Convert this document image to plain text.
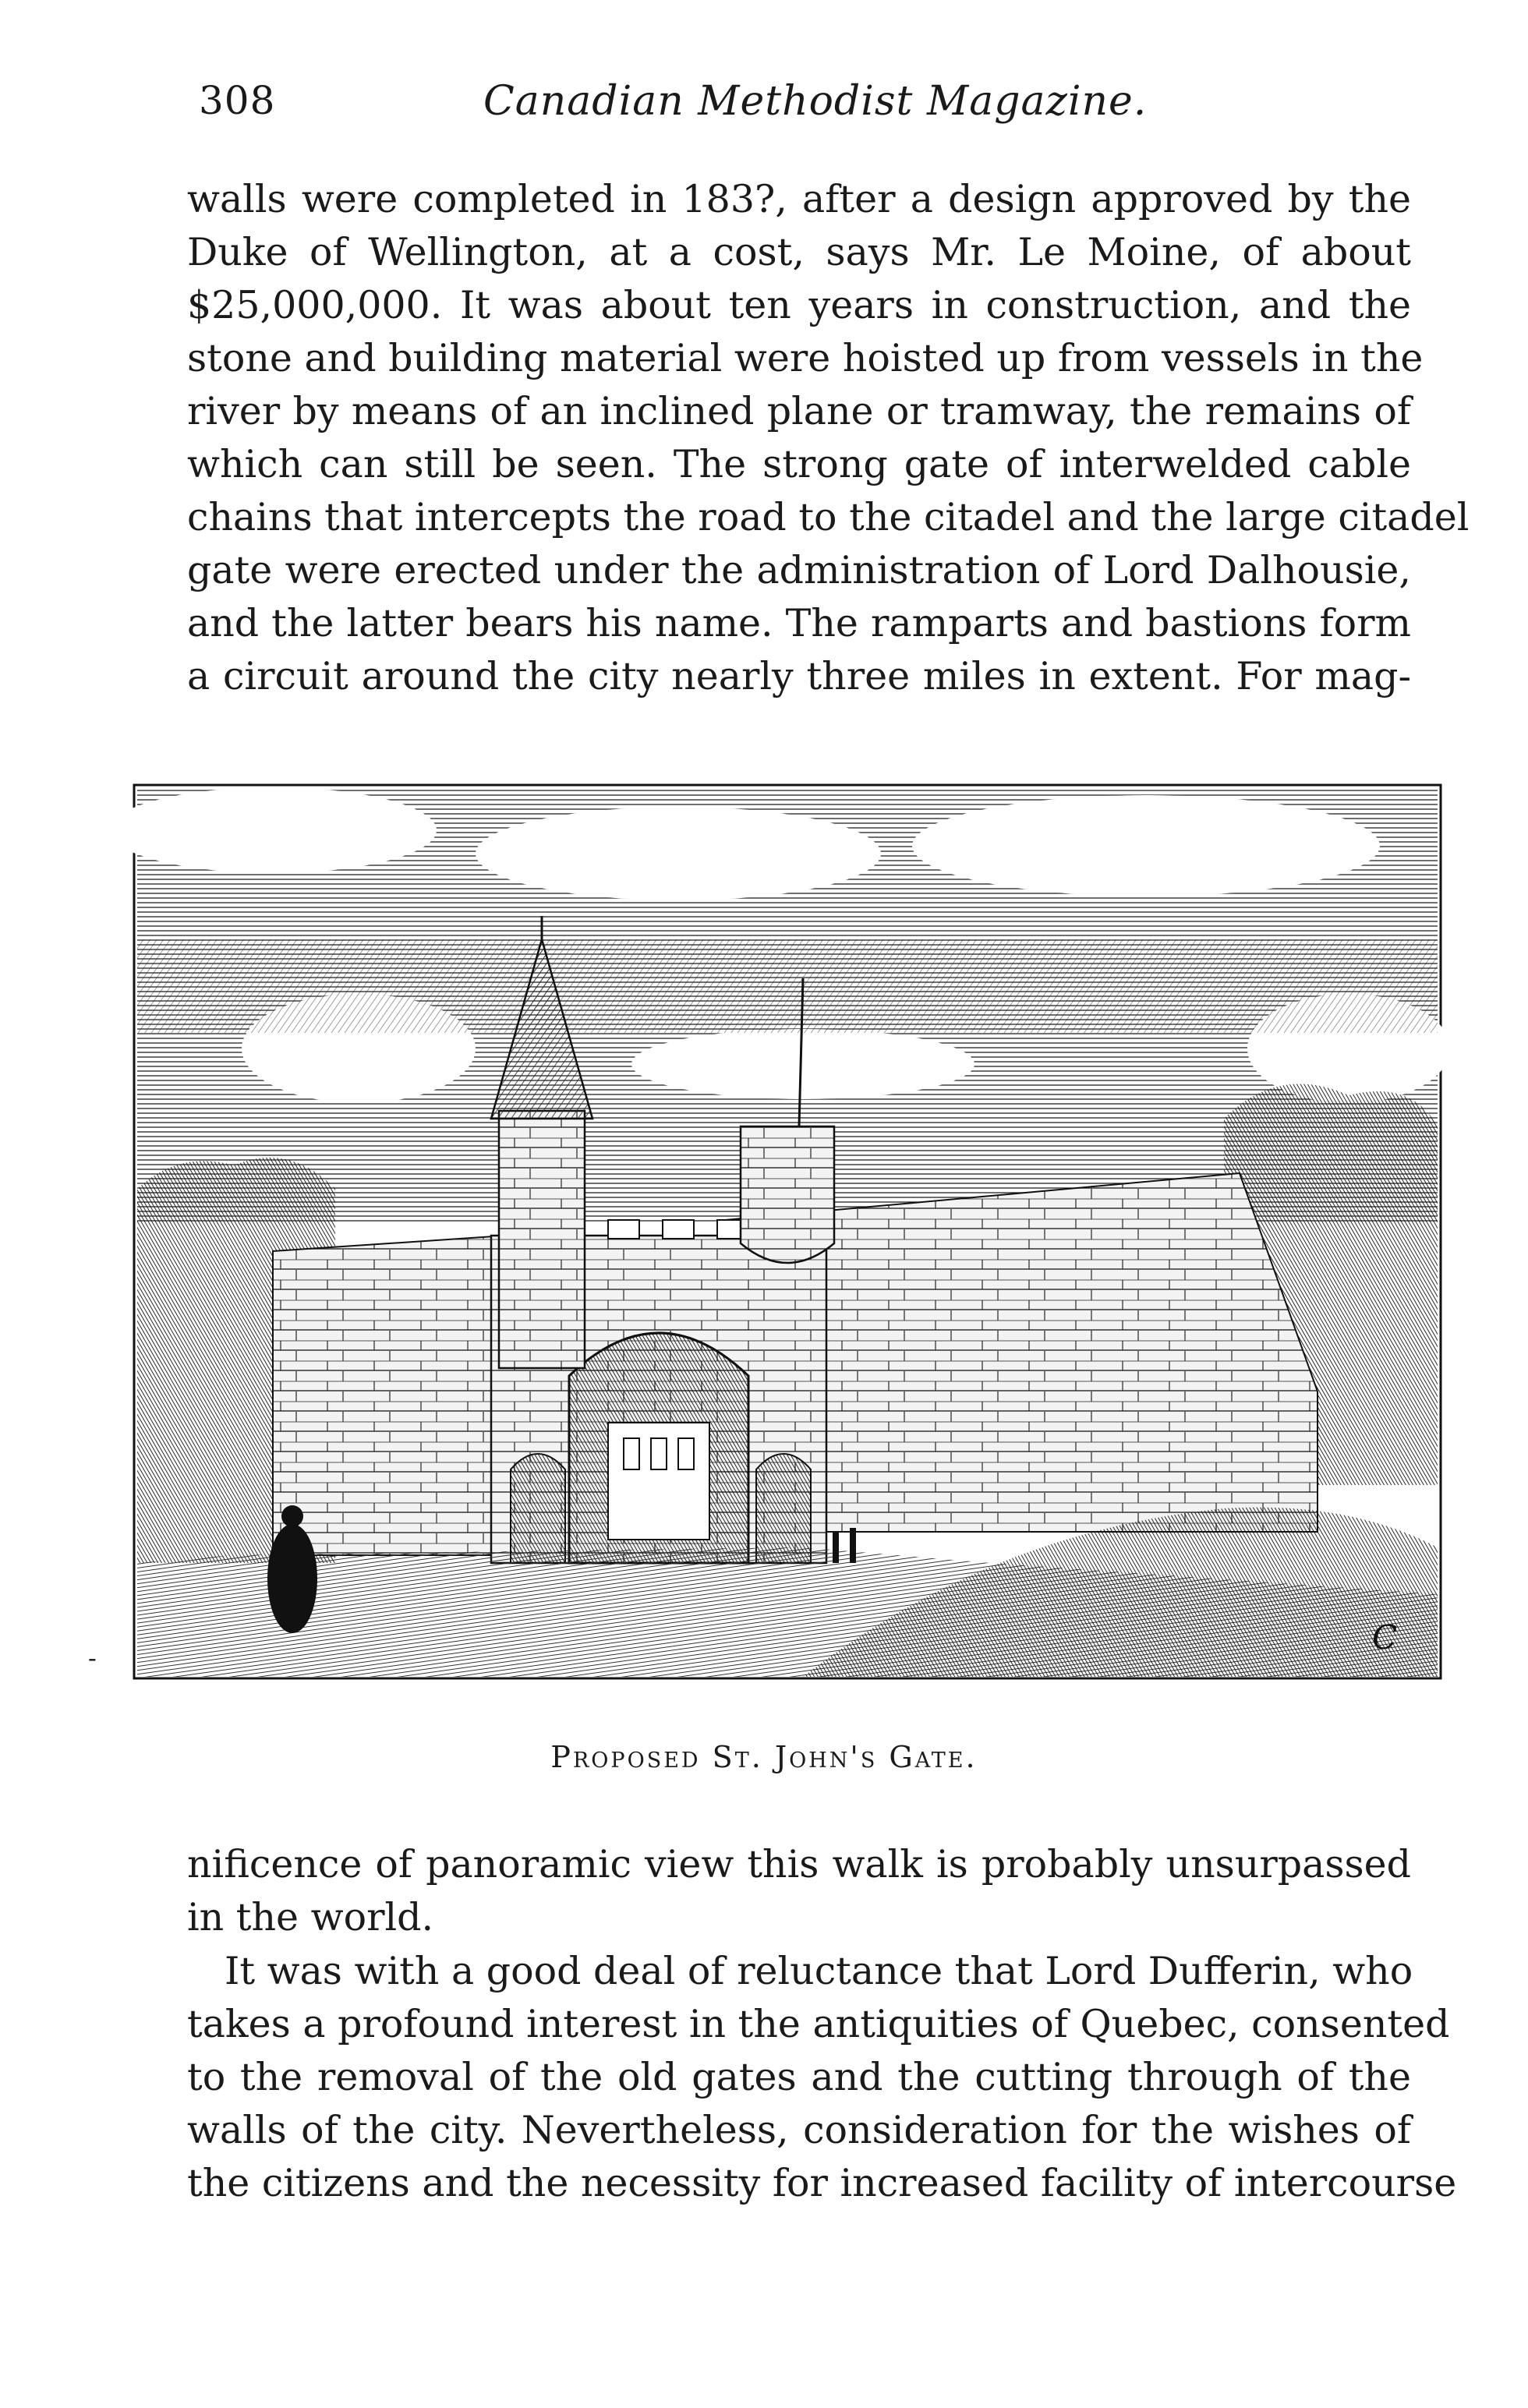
308	Canadian Methodist Magazine.
walls were completed in 183?, after a design approved by the
Duke of Wellington, at a cost, says Mr. Le Moine, of about
$25,000,000. It was about ten years in construction, and the
stone and building material were hoisted up from vessels in the
river by means of an inclined plane or tramway, the remains of
which can still be seen. The strong gate of interwelded cable
chains that intercepts the road to the citadel and the large citadel
gate were erected under the administration of Lord Dalhousie,
and the latter bears his name. The ramparts and bastions form
a circuit around the city nearly three miles in extent. For mag-
C
-
Proposed St. John's Gate.
nificence of panoramic view this walk is probably unsurpassed
in the world.
It was with a good deal of reluctance that Lord Dufferin, who
takes a profound interest in the antiquities of Quebec, consented
to the removal of the old gates and the cutting through of the
walls of the city. Nevertheless, consideration for the wishes of
the citizens and the necessity for increased facility of intercourse
